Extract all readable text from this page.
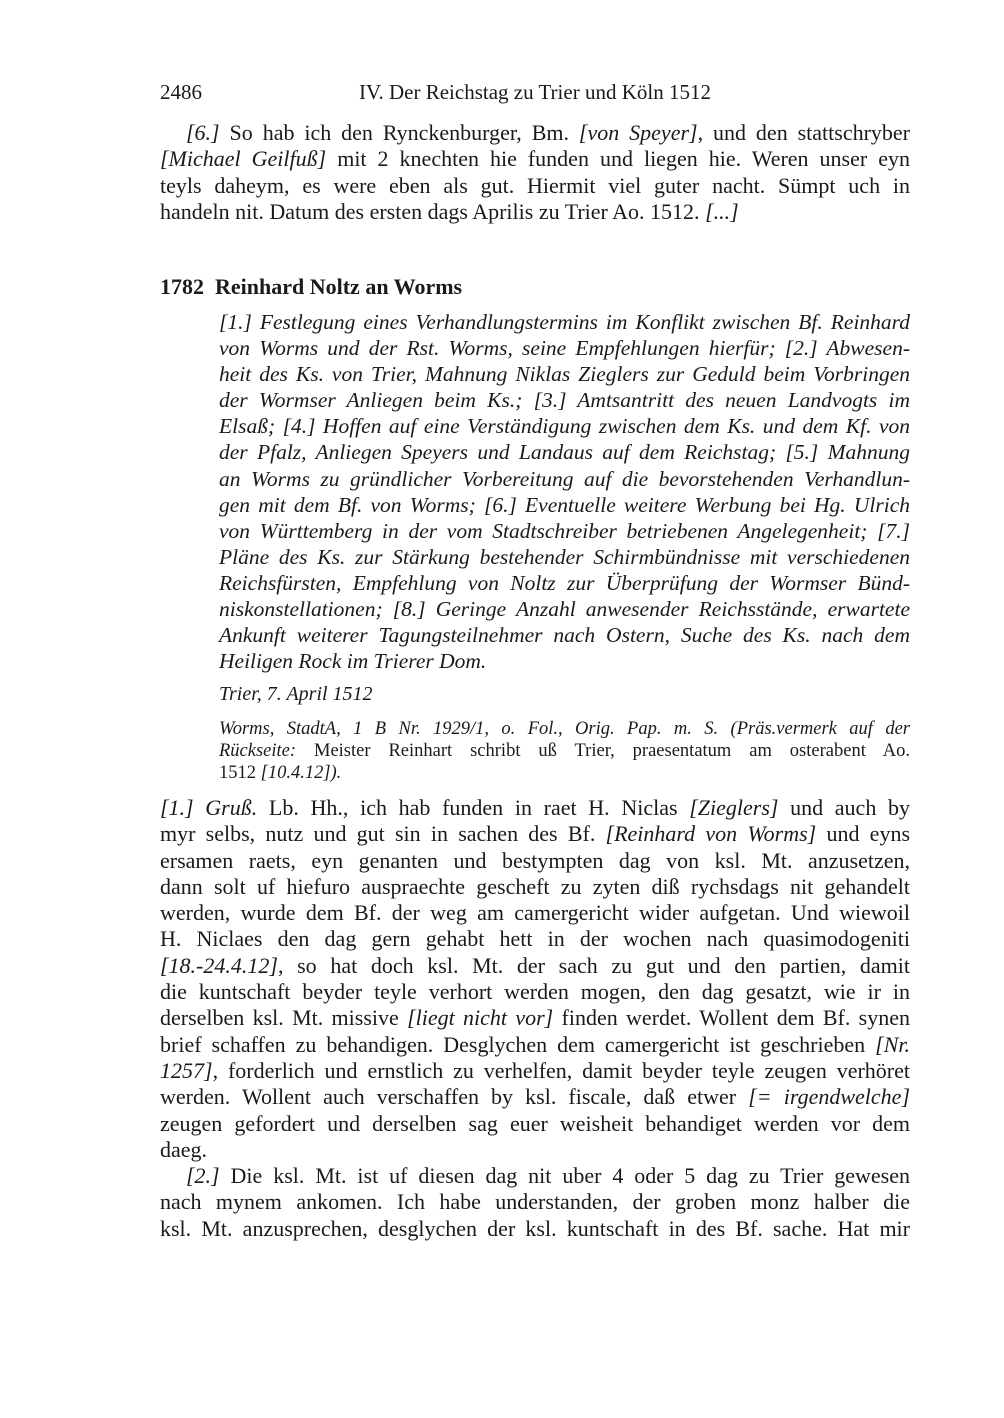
2486	IV. Der Reichstag zu Trier und Köln 1512
[6.] So hab ich den Rynckenburger, Bm. [von Speyer], und den stattschryber
[Michael Geilfuß] mit 2 knechten hie funden und liegen hie. Weren unser eyn
teyls daheym, es were eben als gut. Hiermit viel guter nacht. Sümpt uch in
handeln nit. Datum des ersten dags Aprilis zu Trier Ao. 1512. [...]
1782 Reinhard Noltz an Worms
[1.] Festlegung eines Verhandlungstermins im Konflikt zwischen Bf. Reinhard
von Worms und der Rst. Worms, seine Empfehlungen hierfür; [2.] Abwesen-
heit des Ks. von Trier, Mahnung Niklas Zieglers zur Geduld beim Vorbringen
der Wormser Anliegen beim Ks.; [3.] Amtsantritt des neuen Landvogts im
Elsaß; [4.] Hoffen auf eine Verständigung zwischen dem Ks. und dem Kf. von
der Pfalz, Anliegen Speyers und Landaus auf dem Reichstag; [5.] Mahnung
an Worms zu gründlicher Vorbereitung auf die bevorstehenden Verhandlun-
gen mit dem Bf. von Worms; [6.] Eventuelle weitere Werbung bei Hg. Ulrich
von Württemberg in der vom Stadtschreiber betriebenen Angelegenheit; [7.]
Pläne des Ks. zur Stärkung bestehender Schirmbündnisse mit verschiedenen
Reichsfürsten, Empfehlung von Noltz zur Überprüfung der Wormser Bünd-
niskonstellationen; [8.] Geringe Anzahl anwesender Reichsstände, erwartete
Ankunft weiterer Tagungsteilnehmer nach Ostern, Suche des Ks. nach dem
Heiligen Rock im Trierer Dom.
Trier, 7. April 1512
Worms, StadtA, 1 B Nr. 1929/1, o. Fol., Orig. Pap. m. S. (Präs.vermerk auf der
Rückseite: Meister Reinhart schribt uß Trier, praesentatum am osterabent Ao.
1512 [10.4.12]).
[1.] Gruß. Lb. Hh., ich hab funden in raet H. Niclas [Zieglers] und auch by
myr selbs, nutz und gut sin in sachen des Bf. [Reinhard von Worms] und eyns
ersamen raets, eyn genanten und bestympten dag von ksl. Mt. anzusetzen,
dann solt uf hiefuro auspraechte gescheft zu zyten diß rychsdags nit gehandelt
werden, wurde dem Bf. der weg am camergericht wider aufgetan. Und wiewoil
H. Niclaes den dag gern gehabt hett in der wochen nach quasimodogeniti
[18.-24.4.12], so hat doch ksl. Mt. der sach zu gut und den partien, damit
die kuntschaft beyder teyle verhort werden mogen, den dag gesatzt, wie ir in
derselben ksl. Mt. missive [liegt nicht vor] finden werdet. Wollent dem Bf. synen
brief schaffen zu behandigen. Desglychen dem camergericht ist geschrieben [Nr.
1257], forderlich und ernstlich zu verhelfen, damit beyder teyle zeugen verhöret
werden. Wollent auch verschaffen by ksl. fiscale, daß etwer [= irgendwelche]
zeugen gefordert und derselben sag euer weisheit behandiget werden vor dem
daeg.
[2.] Die ksl. Mt. ist uf diesen dag nit uber 4 oder 5 dag zu Trier gewesen
nach mynem ankomen. Ich habe understanden, der groben monz halber die
ksl. Mt. anzusprechen, desglychen der ksl. kuntschaft in des Bf. sache. Hat mir
